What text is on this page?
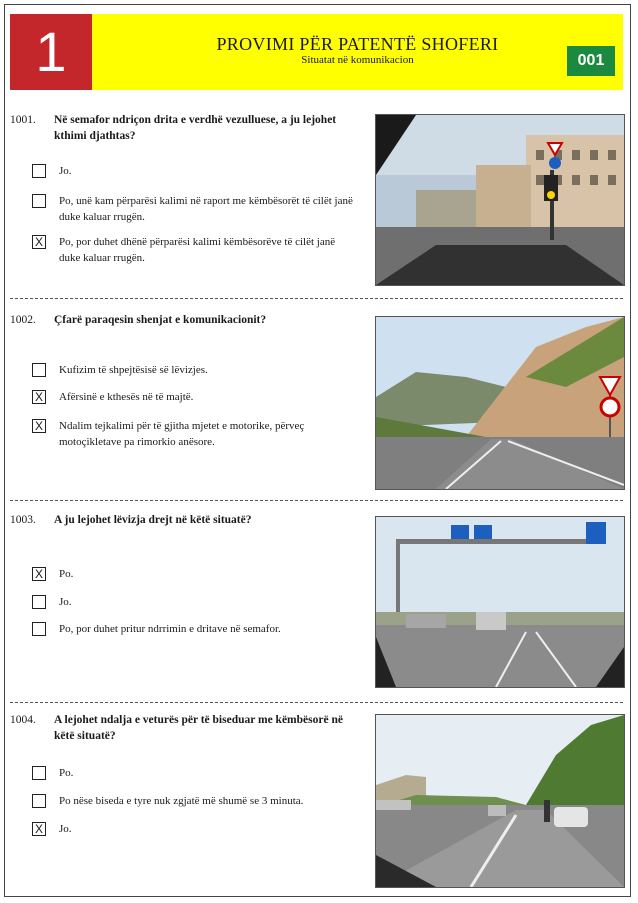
1	PROVIMI PËR PATENTË SHOFERI
Situatat në komunikacion	001
1001. Në semafor ndriçon drita e verdhë vezulluese, a ju lejohet kthimi djathtas?
Jo.
Po, unë kam përparësi kalimi në raport me këmbësorët të cilët janë duke kaluar rrugën.
X Po, por duhet dhënë përparësi kalimi këmbësorëve të cilët janë duke kaluar rrugën.
1002. Çfarë paraqesin shenjat e komunikacionit?
Kufizim të shpejtësisë së lëvizjes.
X Afërsinë e kthesës në të majtë.
X Ndalim tejkalimi për të gjitha mjetet e motorike, përveç motoçikletave pa rimorkio anësore.
1003. A ju lejohet lëvizja drejt në këtë situatë?
X Po.
Jo.
Po, por duhet pritur ndrrimin e dritave në semafor.
1004. A lejohet ndalja e veturës për të biseduar me këmbësorë në këtë situatë?
Po.
Po nëse biseda e tyre nuk zgjatë më shumë se 3 minuta.
X Jo.
